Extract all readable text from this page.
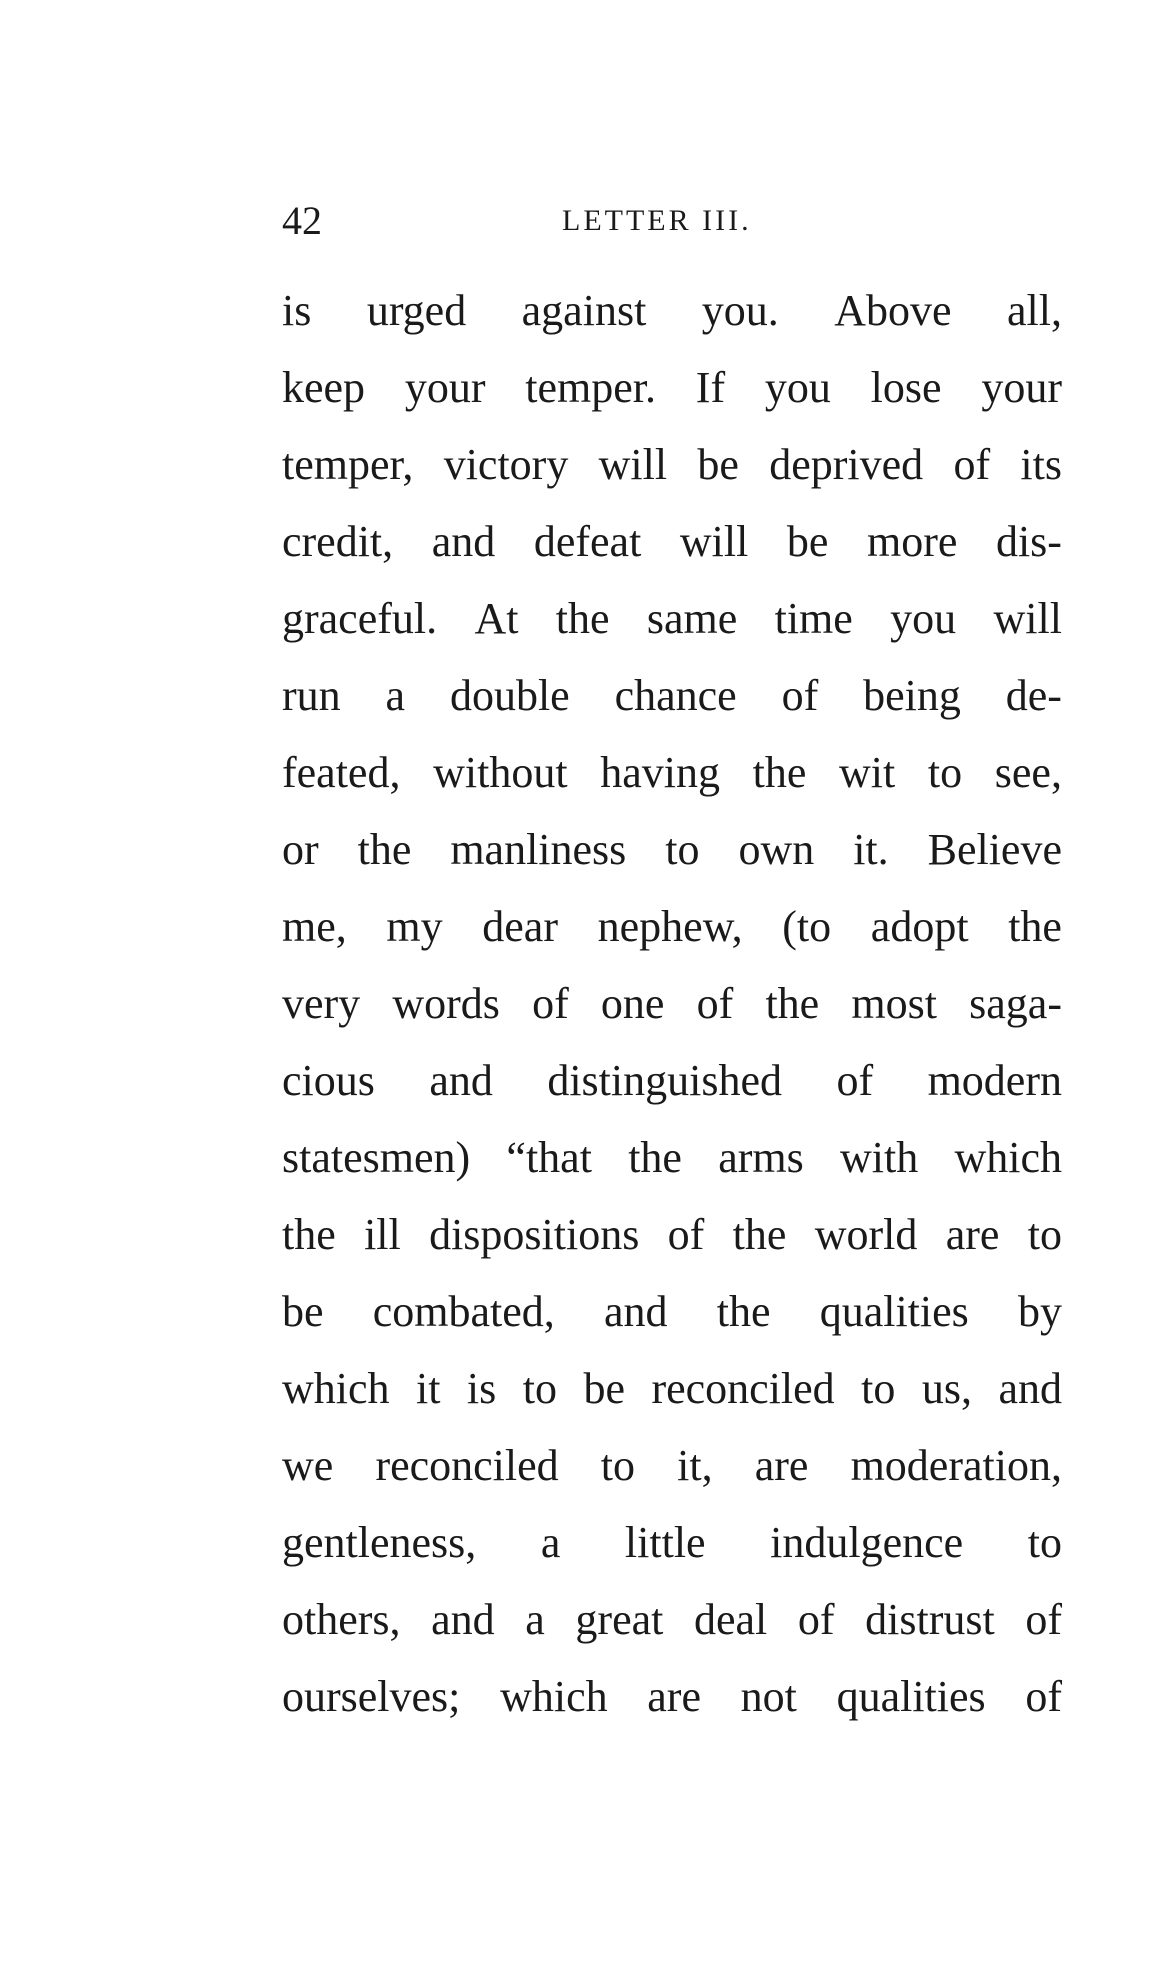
42	LETTER III.
is urged against you. Above all,
keep your temper. If you lose your
temper, victory will be deprived of its
credit, and defeat will be more dis-
graceful. At the same time you will
run a double chance of being de-
feated, without having the wit to see,
or the manliness to own it. Believe
me, my dear nephew, (to adopt the
very words of one of the most saga-
cious and distinguished of modern
statesmen) “that the arms with which
the ill dispositions of the world are to
be combated, and the qualities by
which it is to be reconciled to us, and
we reconciled to it, are moderation,
gentleness, a little indulgence to
others, and a great deal of distrust of
ourselves; which are not qualities of
